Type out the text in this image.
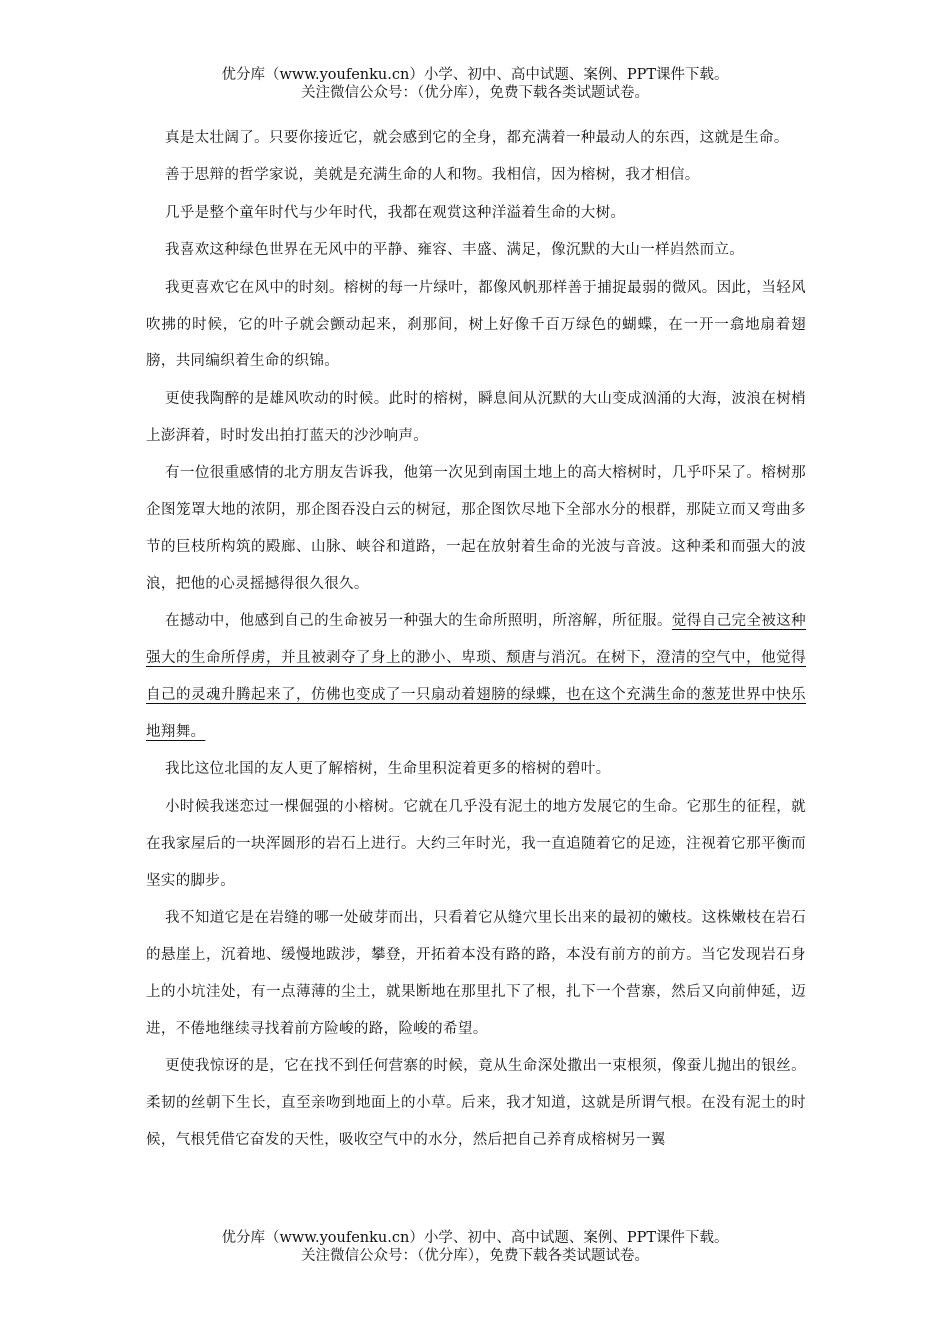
优分库（www.youfenku.cn）小学、初中、高中试题、案例、PPT课件下载。
关注微信公众号：（优分库），免费下载各类试题试卷。

真是太壮阔了。只要你接近它，就会感到它的全身，都充满着一种最动人的东西，这就是生命。

善于思辩的哲学家说，美就是充满生命的人和物。我相信，因为榕树，我才相信。

几乎是整个童年时代与少年时代，我都在观赏这种洋溢着生命的大树。

我喜欢这种绿色世界在无风中的平静、雍容、丰盛、满足，像沉默的大山一样岿然而立。

我更喜欢它在风中的时刻。榕树的每一片绿叶，都像风帆那样善于捕捉最弱的微风。因此，当轻风吹拂的时候，它的叶子就会颤动起来，刹那间，树上好像千百万绿色的蝴蝶，在一开一翕地扇着翅膀，共同编织着生命的织锦。

更使我陶醉的是雄风吹动的时候。此时的榕树，瞬息间从沉默的大山变成汹涌的大海，波浪在树梢上澎湃着，时时发出拍打蓝天的沙沙响声。

有一位很重感情的北方朋友告诉我，他第一次见到南国土地上的高大榕树时，几乎吓呆了。榕树那企图笼罩大地的浓阴，那企图吞没白云的树冠，那企图饮尽地下全部水分的根群，那陡立而又弯曲多节的巨枝所构筑的殿廊、山脉、峡谷和道路，一起在放射着生命的光波与音波。这种柔和而强大的波浪，把他的心灵摇撼得很久很久。

在撼动中，他感到自己的生命被另一种强大的生命所照明，所溶解，所征服。觉得自己完全被这种强大的生命所俘虏，并且被剥夺了身上的渺小、卑琐、颓唐与消沉。在树下，澄清的空气中，他觉得自己的灵魂升腾起来了，仿佛也变成了一只扇动着翅膀的绿蝶，也在这个充满生命的葱茏世界中快乐地翔舞。

我比这位北国的友人更了解榕树，生命里积淀着更多的榕树的碧叶。

小时候我迷恋过一棵倔强的小榕树。它就在几乎没有泥土的地方发展它的生命。它那生的征程，就在我家屋后的一块浑圆形的岩石上进行。大约三年时光，我一直追随着它的足迹，注视着它那平衡而坚实的脚步。

我不知道它是在岩缝的哪一处破芽而出，只看着它从缝穴里长出来的最初的嫩枝。这株嫩枝在岩石的悬崖上，沉着地、缓慢地跋涉，攀登，开拓着本没有路的路，本没有前方的前方。当它发现岩石身上的小坑洼处，有一点薄薄的尘土，就果断地在那里扎下了根，扎下一个营寨，然后又向前伸延，迈进，不倦地继续寻找着前方险峻的路，险峻的希望。

更使我惊讶的是，它在找不到任何营寨的时候，竟从生命深处撒出一束根须，像蚕儿抛出的银丝。柔韧的丝朝下生长，直至亲吻到地面上的小草。后来，我才知道，这就是所谓气根。在没有泥土的时候，气根凭借它奋发的天性，吸收空气中的水分，然后把自己养育成榕树另一翼

优分库（www.youfenku.cn）小学、初中、高中试题、案例、PPT课件下载。
关注微信公众号：（优分库），免费下载各类试题试卷。
